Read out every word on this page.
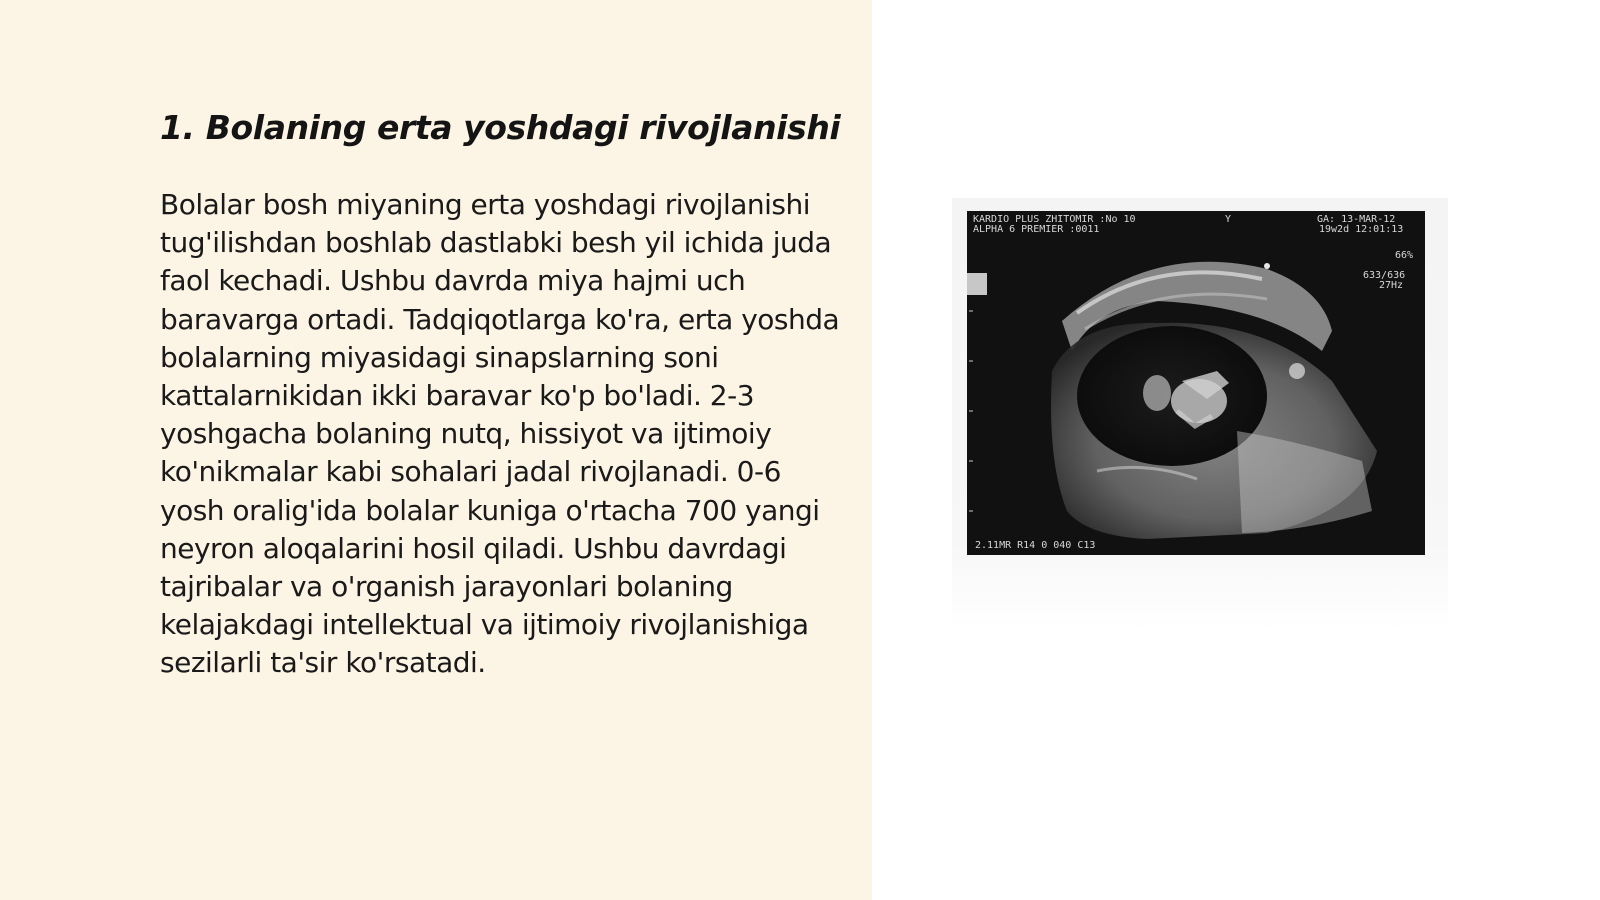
1. Bolaning erta yoshdagi rivojlanishi

Bolalar bosh miyaning erta yoshdagi rivojlanishi tug'ilishdan boshlab dastlabki besh yil ichida juda faol kechadi. Ushbu davrda miya hajmi uch baravarga ortadi. Tadqiqotlarga ko'ra, erta yoshda bolalarning miyasidagi sinapslarning soni kattalarnikidan ikki baravar ko'p bo'ladi. 2-3 yoshgacha bolaning nutq, hissiyot va ijtimoiy ko'nikmalar kabi sohalari jadal rivojlanadi. 0-6 yosh oralig'ida bolalar kuniga o'rtacha 700 yangi neyron aloqalarini hosil qiladi. Ushbu davrdagi tajribalar va o'rganish jarayonlari bolaning kelajakdagi intellektual va ijtimoiy rivojlanishiga sezilarli ta'sir ko'rsatadi.

KARDIO PLUS ZHITOMIR :No 10
ALPHA 6 PREMIER :0011
Y	GA: 13-MAR-12
19w2d 12:01:13
66%
633/636
27Hz
2.11MR R14 0 040 C13
